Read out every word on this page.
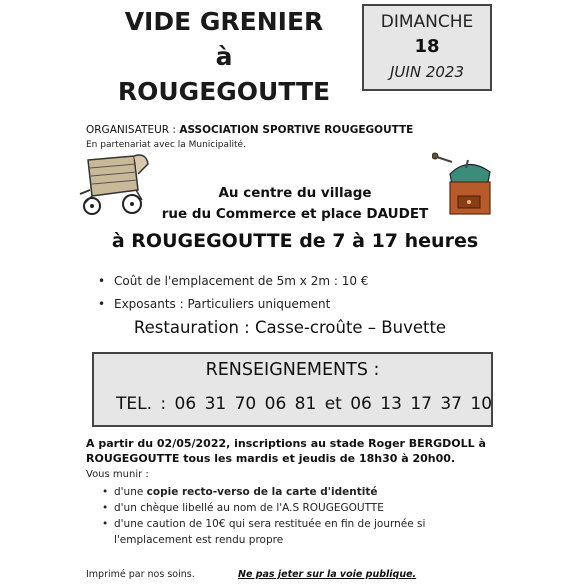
VIDE GRENIER
à
ROUGEGOUTTE
DIMANCHE
18
JUIN 2023
ORGANISATEUR : ASSOCIATION SPORTIVE ROUGEGOUTTE
En partenariat avec la Municipalité.
Au centre du village
rue du Commerce et place DAUDET
à ROUGEGOUTTE de 7 à 17 heures
• Coût de l'emplacement de 5m x 2m : 10 €
• Exposants : Particuliers uniquement
Restauration : Casse-croûte – Buvette
RENSEIGNEMENTS :
TEL. : 06 31 70 06 81 et 06 13 17 37 10
A partir du 02/05/2022, inscriptions au stade Roger BERGDOLL à
ROUGEGOUTTE tous les mardis et jeudis de 18h30 à 20h00.
Vous munir :
• d'une copie recto-verso de la carte d'identité
• d'un chèque libellé au nom de l'A.S ROUGEGOUTTE
• d'une caution de 10€ qui sera restituée en fin de journée si
l'emplacement est rendu propre
Imprimé par nos soins.	Ne pas jeter sur la voie publique.
